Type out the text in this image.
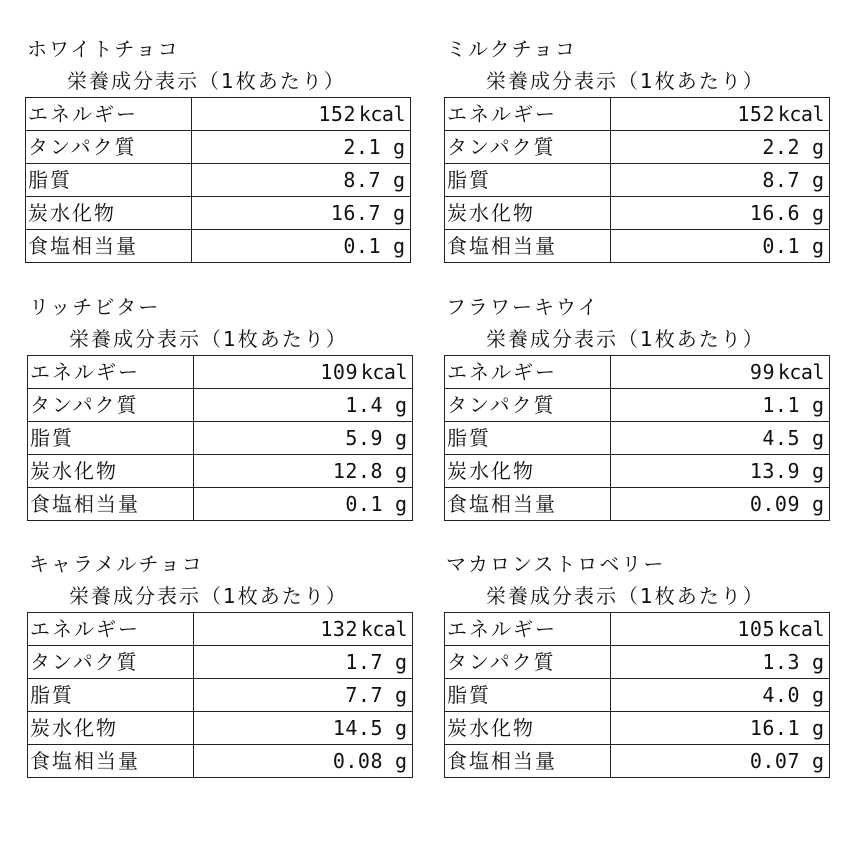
ホワイトチョコ
栄養成分表示（1枚あたり）
エネルギー	152 kcal

タンパク質	2.1 g

脂質	8.7 g

炭水化物	16.7 g

食塩相当量	0.1 g
ミルクチョコ
栄養成分表示（1枚あたり）
エネルギー	152 kcal

タンパク質	2.2 g

脂質	8.7 g

炭水化物	16.6 g

食塩相当量	0.1 g
リッチビター
栄養成分表示（1枚あたり）
エネルギー	109 kcal

タンパク質	1.4 g

脂質	5.9 g

炭水化物	12.8 g

食塩相当量	0.1 g
フラワーキウイ
栄養成分表示（1枚あたり）
エネルギー	99 kcal

タンパク質	1.1 g

脂質	4.5 g

炭水化物	13.9 g

食塩相当量	0.09 g
キャラメルチョコ
栄養成分表示（1枚あたり）
エネルギー	132 kcal

タンパク質	1.7 g

脂質	7.7 g

炭水化物	14.5 g

食塩相当量	0.08 g
マカロンストロベリー
栄養成分表示（1枚あたり）
エネルギー	105 kcal

タンパク質	1.3 g

脂質	4.0 g

炭水化物	16.1 g

食塩相当量	0.07 g
